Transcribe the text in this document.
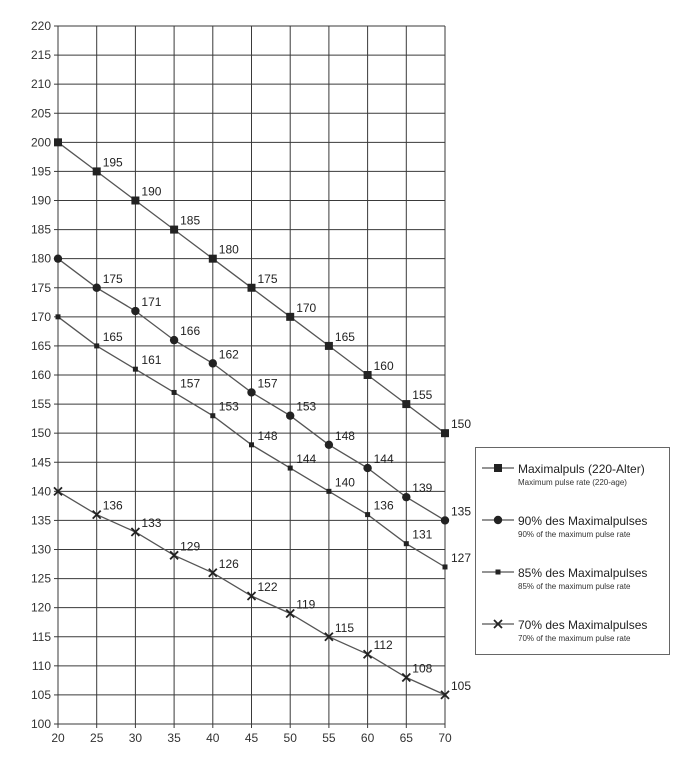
100
105
110
115
120
125
130
135
140
145
150
155
160
165
170
175
180
185
190
195
200
205
210
215
220
20 25 30 35 40 45 50 55 60 65 70
195
190
185
180
175
170
165
160
155
150
175
171
166
162
157
153
148
144
139
135
165
161
157
153
148
144
140
136
131
127
136
133
129
126
122
119
115
112
108
105
Maximalpuls (220-Alter)
Maximum pulse rate (220-age)
90% des Maximalpulses
90% of the maximum pulse rate
85% des Maximalpulses
85% of the maximum pulse rate
70% des Maximalpulses
70% of the maximum pulse rate
